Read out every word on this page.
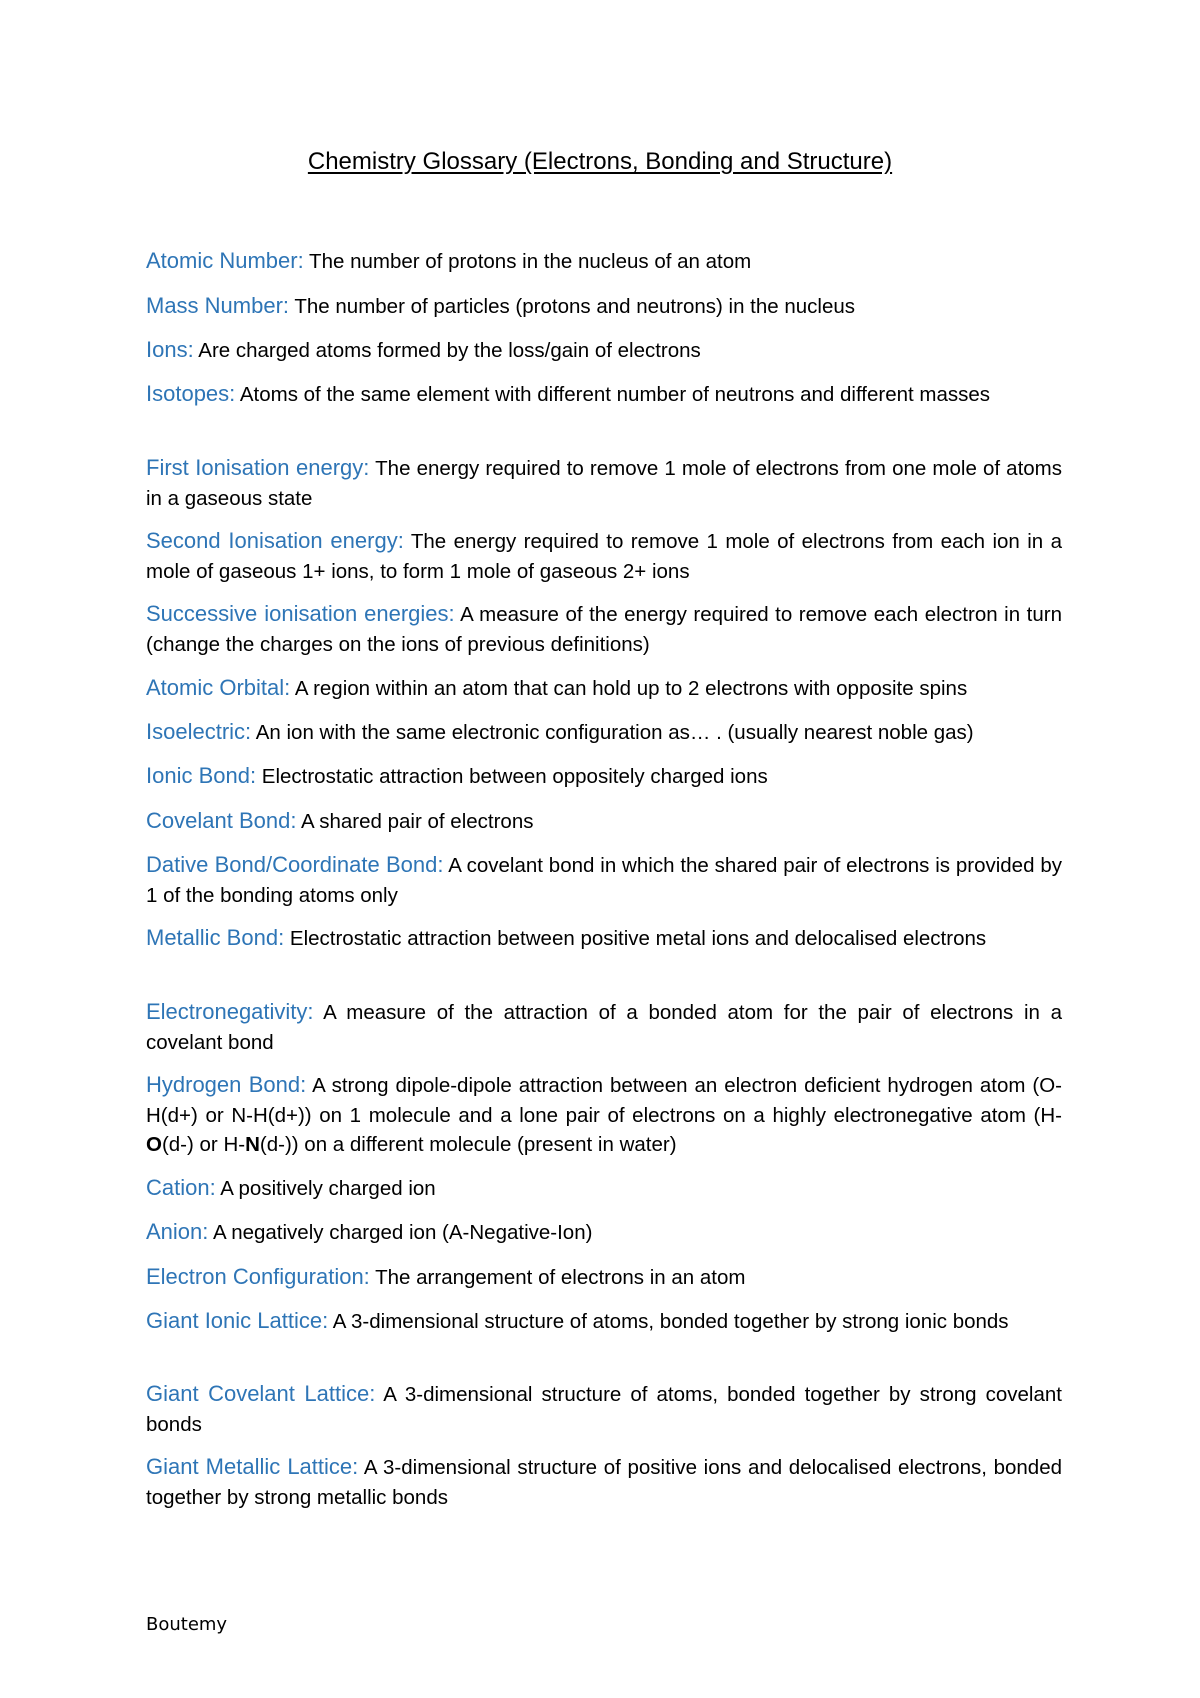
Chemistry Glossary (Electrons, Bonding and Structure)
Atomic Number: The number of protons in the nucleus of an atom
Mass Number: The number of particles (protons and neutrons) in the nucleus
Ions: Are charged atoms formed by the loss/gain of electrons
Isotopes: Atoms of the same element with different number of neutrons and different masses
First Ionisation energy: The energy required to remove 1 mole of electrons from one mole of atoms in a gaseous state
Second Ionisation energy: The energy required to remove 1 mole of electrons from each ion in a mole of gaseous 1+ ions, to form 1 mole of gaseous 2+ ions
Successive ionisation energies: A measure of the energy required to remove each electron in turn (change the charges on the ions of previous definitions)
Atomic Orbital: A region within an atom that can hold up to 2 electrons with opposite spins
Isoelectric: An ion with the same electronic configuration as… . (usually nearest noble gas)
Ionic Bond: Electrostatic attraction between oppositely charged ions
Covelant Bond: A shared pair of electrons
Dative Bond/Coordinate Bond: A covelant bond in which the shared pair of electrons is provided by 1 of the bonding atoms only
Metallic Bond: Electrostatic attraction between positive metal ions and delocalised electrons
Electronegativity: A measure of the attraction of a bonded atom for the pair of electrons in a covelant bond
Hydrogen Bond: A strong dipole-dipole attraction between an electron deficient hydrogen atom (O-H(d+) or N-H(d+)) on 1 molecule and a lone pair of electrons on a highly electronegative atom (H-O(d-) or H-N(d-)) on a different molecule (present in water)
Cation: A positively charged ion
Anion: A negatively charged ion (A-Negative-Ion)
Electron Configuration: The arrangement of electrons in an atom
Giant Ionic Lattice: A 3-dimensional structure of atoms, bonded together by strong ionic bonds
Giant Covelant Lattice: A 3-dimensional structure of atoms, bonded together by strong covelant bonds
Giant Metallic Lattice: A 3-dimensional structure of positive ions and delocalised electrons, bonded together by strong metallic bonds
Boutemy
